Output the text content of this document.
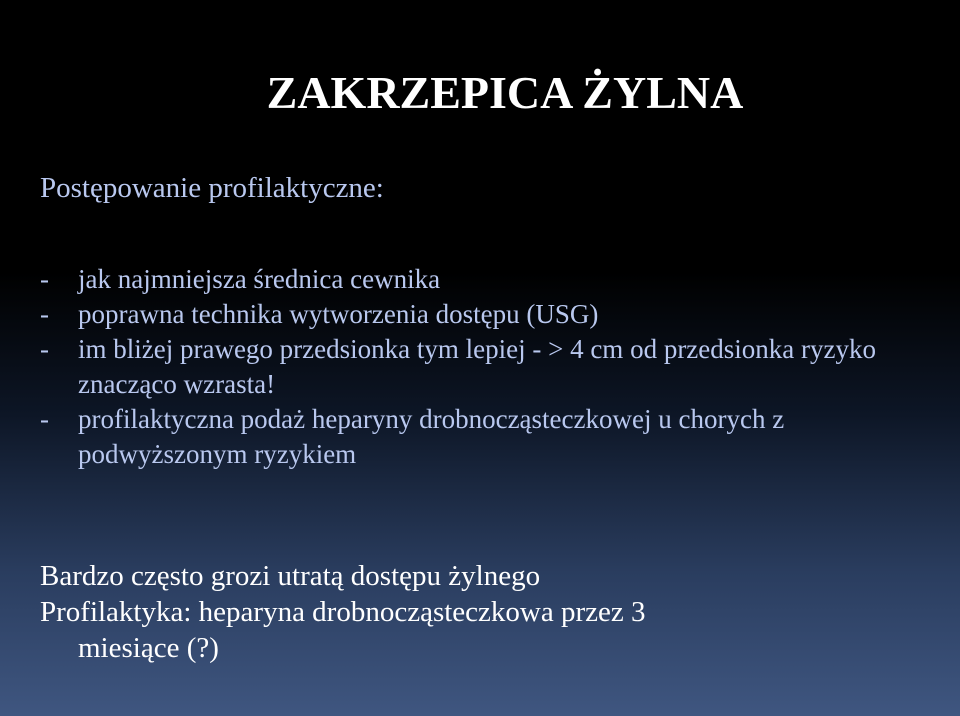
ZAKRZEPICA ŻYLNA
Postępowanie profilaktyczne:
- jak najmniejsza średnica cewnika
- poprawna technika wytworzenia dostępu (USG)
- im bliżej prawego przedsionka tym lepiej - > 4 cm od przedsionka ryzyko znacząco wzrasta!
- profilaktyczna podaż heparyny drobnocząsteczkowej u chorych z podwyższonym ryzykiem

Bardzo często grozi utratą dostępu żylnego

Profilaktyka: heparyna drobnocząsteczkowa przez 3

miesiące (?)
